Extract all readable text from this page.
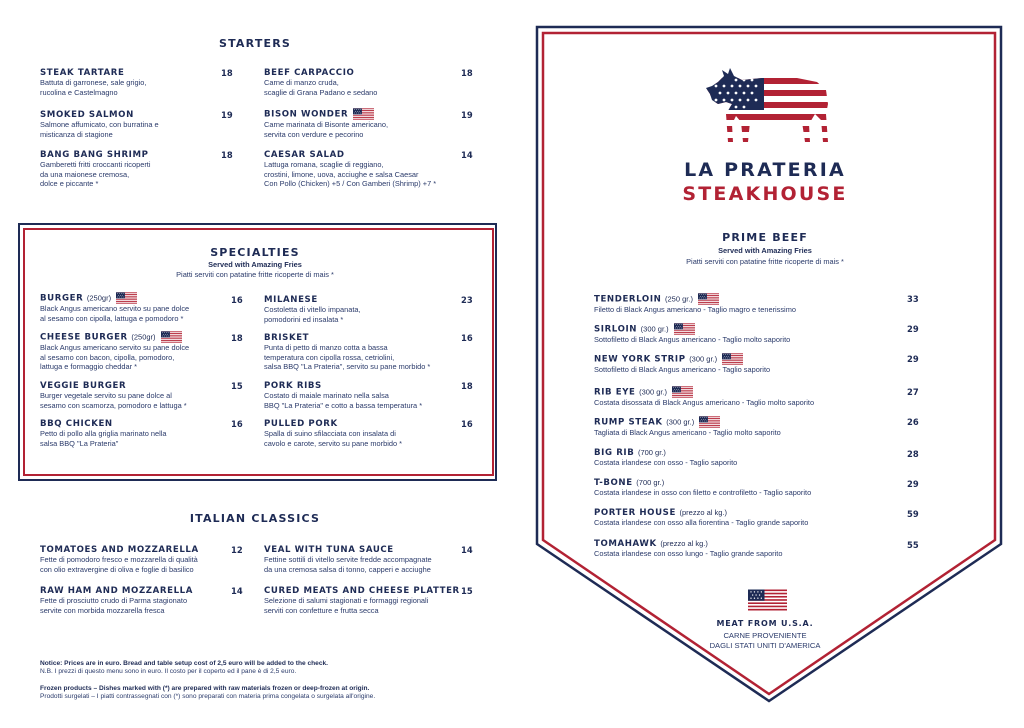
STARTERS
STEAK TARTARE
Battuta di garronese, sale grigio,
rucolina e Castelmagno
18
SMOKED SALMON
Salmone affumicato, con burratina e
misticanza di stagione
19
BANG BANG SHRIMP
Gamberetti fritti croccanti ricoperti
da una maionese cremosa,
dolce e piccante *
18
BEEF CARPACCIO
Carne di manzo cruda,
scaglie di Grana Padano e sedano
18
BISON WONDER
Carne marinata di Bisonte americano,
servita con verdure e pecorino
19
CAESAR SALAD
Lattuga romana, scaglie di reggiano,
crostini, limone, uova, acciughe e salsa Caesar
Con Pollo (Chicken) +5 / Con Gamberi (Shrimp) +7 *
14
SPECIALTIES
Served with Amazing Fries
Piatti serviti con patatine fritte ricoperte di mais *
BURGER (250gr)
Black Angus americano servito su pane dolce
al sesamo con cipolla, lattuga e pomodoro *
16
CHEESE BURGER (250gr)
Black Angus americano servito su pane dolce
al sesamo con bacon, cipolla, pomodoro,
lattuga e formaggio cheddar *
18
VEGGIE BURGER
Burger vegetale servito su pane dolce al
sesamo con scamorza, pomodoro e lattuga *
15
BBQ CHICKEN
Petto di pollo alla griglia marinato nella
salsa BBQ "La Prateria"
16
MILANESE
Costoletta di vitello impanata,
pomodorini ed insalata *
23
BRISKET
Punta di petto di manzo cotta a bassa
temperatura con cipolla rossa, cetriolini,
salsa BBQ "La Prateria", servito su pane morbido *
16
PORK RIBS
Costato di maiale marinato nella salsa
BBQ "La Prateria" e cotto a bassa temperatura *
18
PULLED PORK
Spalla di suino sfilacciata con insalata di
cavolo e carote, servito su pane morbido *
16
ITALIAN CLASSICS
TOMATOES AND MOZZARELLA
Fette di pomodoro fresco e mozzarella di qualità
con olio extravergine di oliva e foglie di basilico
12
RAW HAM AND MOZZARELLA
Fette di prosciutto crudo di Parma stagionato
servite con morbida mozzarella fresca
14
VEAL WITH TUNA SAUCE
Fettine sottili di vitello servite fredde accompagnate
da una cremosa salsa di tonno, capperi e acciughe
14
CURED MEATS AND CHEESE PLATTER
Selezione di salumi stagionati e formaggi regionali
serviti con confetture e frutta secca
15
Notice: Prices are in euro. Bread and table setup cost of 2,5 euro will be added to the check.
N.B. I prezzi di questo menu sono in euro. Il costo per il coperto ed il pane è di 2,5 euro.
Frozen products – Dishes marked with (*) are prepared with raw materials frozen or deep-frozen at origin.
Prodotti surgelati – I piatti contrassegnati con (*) sono preparati con materia prima congelata o surgelata all'origine.
LA PRATERIA
STEAKHOUSE
PRIME BEEF
Served with Amazing Fries
Piatti serviti con patatine fritte ricoperte di mais *
TENDERLOIN (250 gr.)
Filetto di Black Angus americano - Taglio magro e tenerissimo
33
SIRLOIN (300 gr.)
Sottofiletto di Black Angus americano - Taglio molto saporito
29
NEW YORK STRIP (300 gr.)
Sottofiletto di Black Angus americano - Taglio saporito
29
RIB EYE (300 gr.)
Costata disossata di Black Angus americano - Taglio molto saporito
27
RUMP STEAK (300 gr.)
Tagliata di Black Angus americano - Taglio molto saporito
26
BIG RIB (700 gr.)
Costata irlandese con osso - Taglio saporito
28
T-BONE (700 gr.)
Costata irlandese in osso con filetto e controfiletto - Taglio saporito
29
PORTER HOUSE (prezzo al kg.)
Costata irlandese con osso alla fiorentina - Taglio grande saporito
59
TOMAHAWK (prezzo al kg.)
Costata irlandese con osso lungo - Taglio grande saporito
55
MEAT FROM U.S.A.
CARNE PROVENIENTE
DAGLI STATI UNITI D'AMERICA
